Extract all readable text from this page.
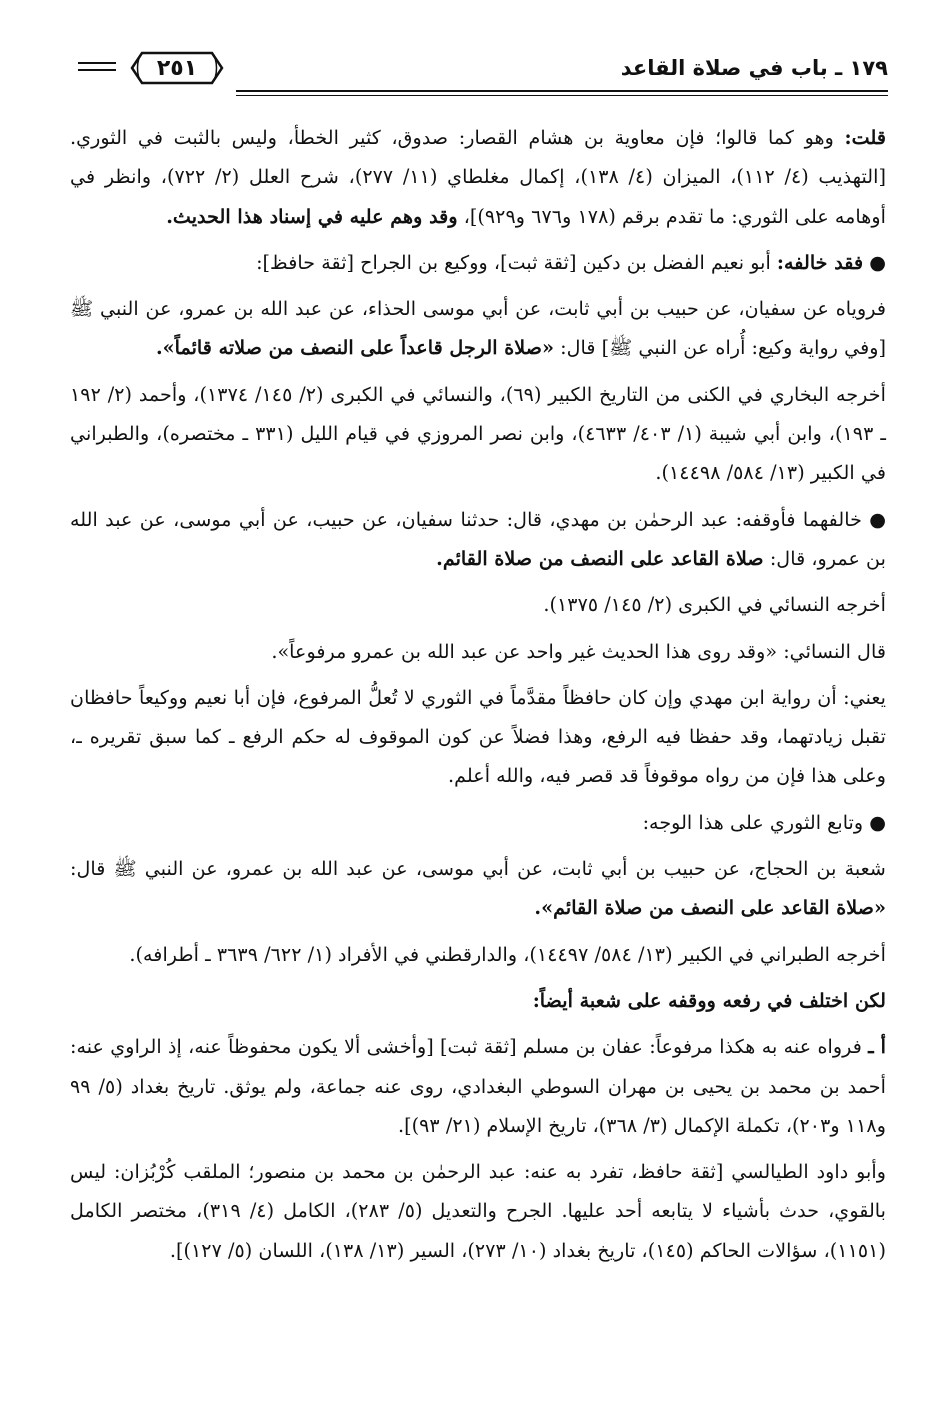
١٧٩ ـ باب في صلاة القاعد
٢٥١

قلت: وهو كما قالوا؛ فإن معاوية بن هشام القصار: صدوق، كثير الخطأ، وليس بالثبت في الثوري. [التهذيب (٤/ ١١٢)، الميزان (٤/ ١٣٨)، إكمال مغلطاي (١١/ ٢٧٧)، شرح العلل (٢/ ٧٢٢)، وانظر في أوهامه على الثوري: ما تقدم برقم (١٧٨ و٦٧٦ و٩٢٩)]، وقد وهم عليه في إسناد هذا الحديث.

● فقد خالفه: أبو نعيم الفضل بن دكين [ثقة ثبت]، ووكيع بن الجراح [ثقة حافظ]:

فروياه عن سفيان، عن حبيب بن أبي ثابت، عن أبي موسى الحذاء، عن عبد الله بن عمرو، عن النبي ﷺ [وفي رواية وكيع: أُراه عن النبي ﷺ] قال: «صلاة الرجل قاعداً على النصف من صلاته قائماً».

أخرجه البخاري في الكنى من التاريخ الكبير (٦٩)، والنسائي في الكبرى (٢/ ١٤٥/ ١٣٧٤)، وأحمد (٢/ ١٩٢ ـ ١٩٣)، وابن أبي شيبة (١/ ٤٠٣/ ٤٦٣٣)، وابن نصر المروزي في قيام الليل (٣٣١ ـ مختصره)، والطبراني في الكبير (١٣/ ٥٨٤/ ١٤٤٩٨).

● خالفهما فأوقفه: عبد الرحمٰن بن مهدي، قال: حدثنا سفيان، عن حبيب، عن أبي موسى، عن عبد الله بن عمرو، قال: صلاة القاعد على النصف من صلاة القائم.

أخرجه النسائي في الكبرى (٢/ ١٤٥/ ١٣٧٥).

قال النسائي: «وقد روى هذا الحديث غير واحد عن عبد الله بن عمرو مرفوعاً».

يعني: أن رواية ابن مهدي وإن كان حافظاً مقدَّماً في الثوري لا تُعلُّ المرفوع، فإن أبا نعيم ووكيعاً حافظان تقبل زيادتهما، وقد حفظا فيه الرفع، وهذا فضلاً عن كون الموقوف له حكم الرفع ـ كما سبق تقريره ـ، وعلى هذا فإن من رواه موقوفاً قد قصر فيه، والله أعلم.

● وتابع الثوري على هذا الوجه:

شعبة بن الحجاج، عن حبيب بن أبي ثابت، عن أبي موسى، عن عبد الله بن عمرو، عن النبي ﷺ قال: «صلاة القاعد على النصف من صلاة القائم».

أخرجه الطبراني في الكبير (١٣/ ٥٨٤/ ١٤٤٩٧)، والدارقطني في الأفراد (١/ ٦٢٢/ ٣٦٣٩ ـ أطرافه).

لكن اختلف في رفعه ووقفه على شعبة أيضاً:

أ ـ فرواه عنه به هكذا مرفوعاً: عفان بن مسلم [ثقة ثبت] [وأخشى ألا يكون محفوظاً عنه، إذ الراوي عنه: أحمد بن محمد بن يحيى بن مهران السوطي البغدادي، روى عنه جماعة، ولم يوثق. تاريخ بغداد (٥/ ٩٩ و١١٨ و٢٠٣)، تكملة الإكمال (٣/ ٣٦٨)، تاريخ الإسلام (٢١/ ٩٣)].

وأبو داود الطيالسي [ثقة حافظ، تفرد به عنه: عبد الرحمٰن بن محمد بن منصور؛ الملقب كُرْبُزان: ليس بالقوي، حدث بأشياء لا يتابعه أحد عليها. الجرح والتعديل (٥/ ٢٨٣)، الكامل (٤/ ٣١٩)، مختصر الكامل (١١٥١)، سؤالات الحاكم (١٤٥)، تاريخ بغداد (١٠/ ٢٧٣)، السير (١٣/ ١٣٨)، اللسان (٥/ ١٢٧)].
